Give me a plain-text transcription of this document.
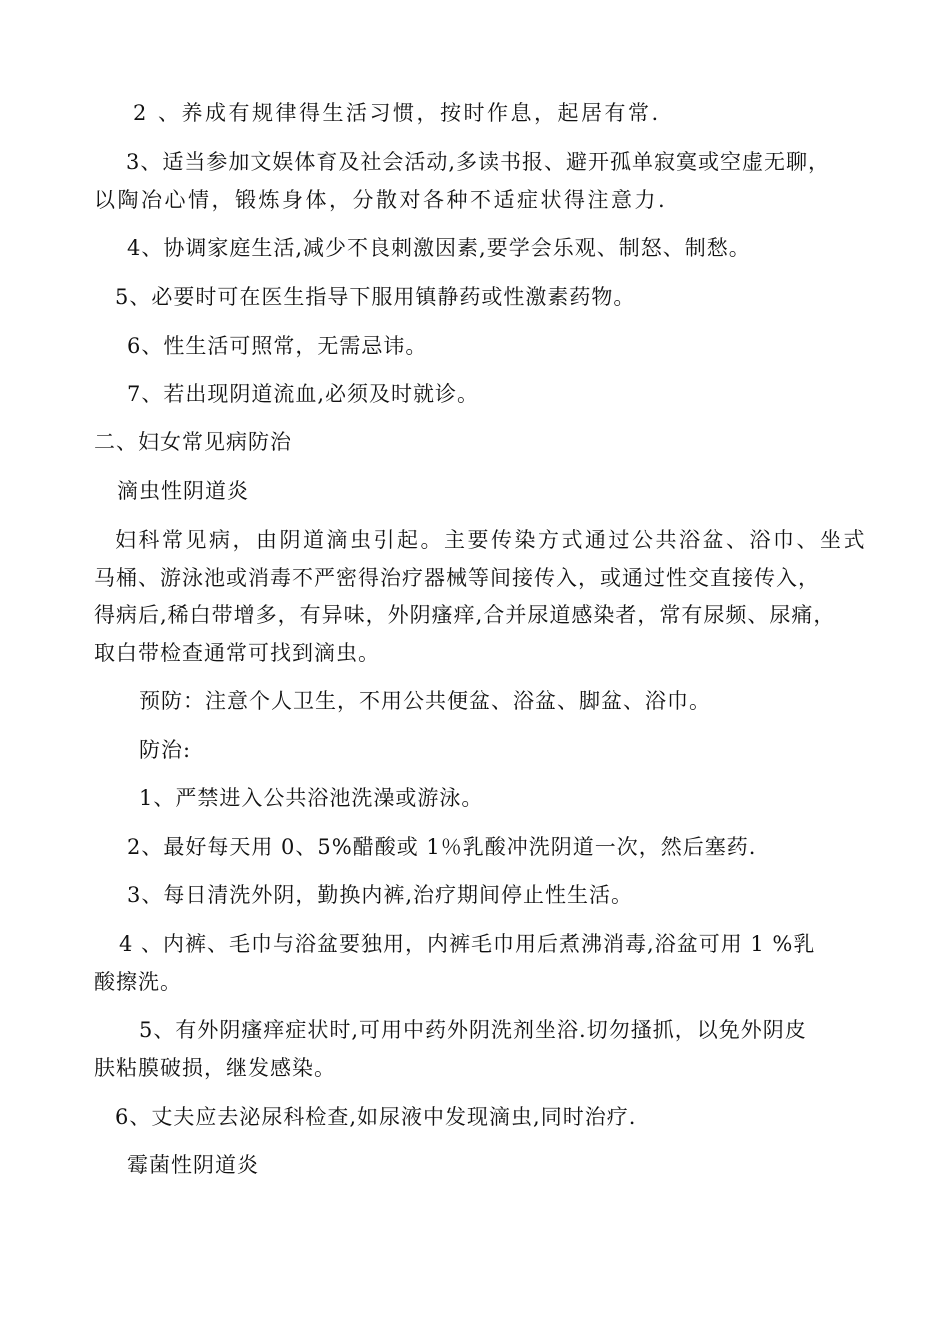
2 、养成有规律得生活习惯，按时作息，起居有常.
3、适当参加文娱体育及社会活动,多读书报、避开孤单寂寞或空虚无聊，
以陶冶心情，锻炼身体，分散对各种不适症状得注意力.
4、协调家庭生活,减少不良刺激因素,要学会乐观、制怒、制愁。
5、必要时可在医生指导下服用镇静药或性激素药物。
6、性生活可照常，无需忌讳。
7、若出现阴道流血,必须及时就诊。
二、妇女常见病防治
滴虫性阴道炎
妇科常见病，由阴道滴虫引起。主要传染方式通过公共浴盆、浴巾、坐式
马桶、游泳池或消毒不严密得治疗器械等间接传入，或通过性交直接传入，
得病后,稀白带增多，有异味，外阴瘙痒,合并尿道感染者，常有尿频、尿痛，
取白带检查通常可找到滴虫。
预防：注意个人卫生，不用公共便盆、浴盆、脚盆、浴巾。
防治:
1、严禁进入公共浴池洗澡或游泳。
2、最好每天用 0、5%醋酸或 1％乳酸冲洗阴道一次，然后塞药.
3、每日清洗外阴，勤换内裤,治疗期间停止性生活。
4 、内裤、毛巾与浴盆要独用，内裤毛巾用后煮沸消毒,浴盆可用 1 %乳
酸擦洗。
5、有外阴瘙痒症状时,可用中药外阴洗剂坐浴.切勿搔抓，以免外阴皮
肤粘膜破损，继发感染。
6、丈夫应去泌尿科检查,如尿液中发现滴虫,同时治疗.
霉菌性阴道炎
